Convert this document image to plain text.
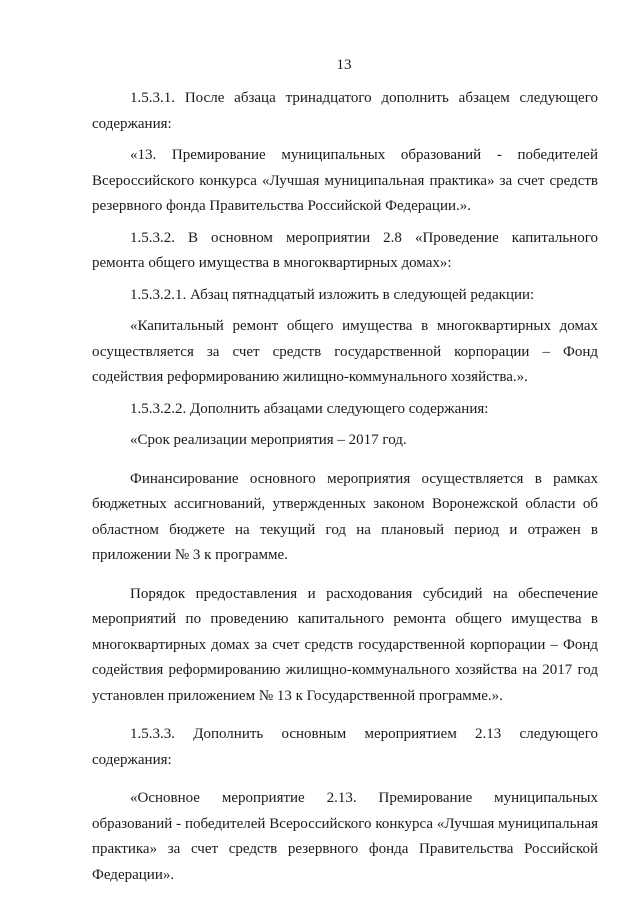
13

1.5.3.1. После абзаца тринадцатого дополнить абзацем следующего содержания:

«13. Премирование муниципальных образований - победителей Всероссийского конкурса «Лучшая муниципальная практика» за счет средств резервного фонда Правительства Российской Федерации.».

1.5.3.2. В основном мероприятии 2.8 «Проведение капитального ремонта общего имущества в многоквартирных домах»:

1.5.3.2.1. Абзац пятнадцатый изложить в следующей редакции:

«Капитальный ремонт общего имущества в многоквартирных домах осуществляется за счет средств государственной корпорации – Фонд содействия реформированию жилищно-коммунального хозяйства.».

1.5.3.2.2. Дополнить абзацами следующего содержания:

«Срок реализации мероприятия – 2017 год.

Финансирование основного мероприятия осуществляется в рамках бюджетных ассигнований, утвержденных законом Воронежской области об областном бюджете на текущий год на плановый период и отражен в приложении № 3 к программе.

Порядок предоставления и расходования субсидий на обеспечение мероприятий по проведению капитального ремонта общего имущества в многоквартирных домах за счет средств государственной корпорации – Фонд содействия реформированию жилищно-коммунального хозяйства на 2017 год установлен приложением № 13 к Государственной программе.».

1.5.3.3. Дополнить основным мероприятием 2.13 следующего содержания:

«Основное мероприятие 2.13. Премирование муниципальных образований - победителей Всероссийского конкурса «Лучшая муниципальная практика» за счет средств резервного фонда Правительства Российской Федерации».
